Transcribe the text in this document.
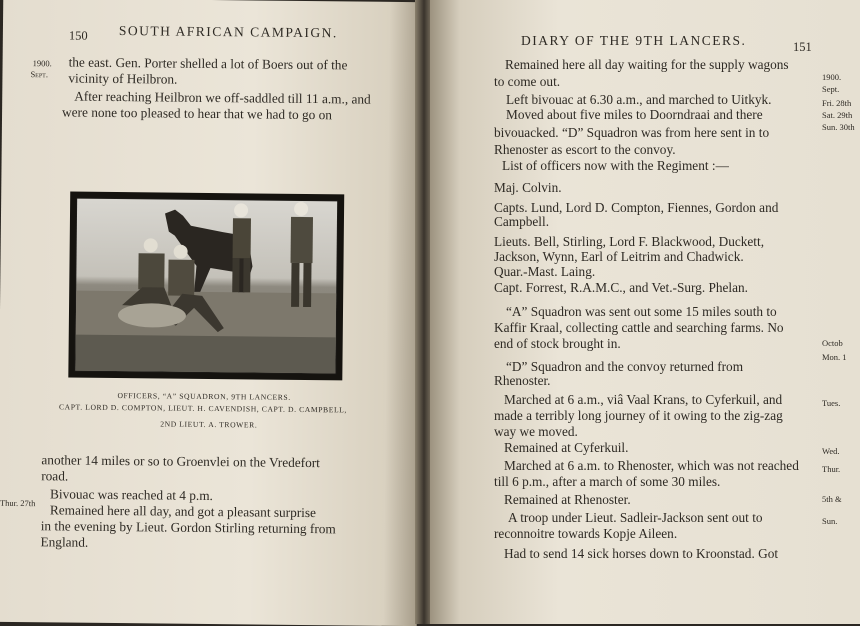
150 SOUTH AFRICAN CAMPAIGN.
1900.
Sept.
the east. Gen. Porter shelled a lot of Boers out of the
vicinity of Heilbron.
After reaching Heilbron we off-saddled till 11 a.m., and
were none too pleased to hear that we had to go on
OFFICERS, “A” SQUADRON, 9TH LANCERS.
CAPT. LORD D. COMPTON, LIEUT. H. CAVENDISH, CAPT. D. CAMPBELL,
2ND LIEUT. A. TROWER.
another 14 miles or so to Groenvlei on the Vredefort
road.
Bivouac was reached at 4 p.m.
Thur. 27th Remained here all day, and got a pleasant surprise
in the evening by Lieut. Gordon Stirling returning from
England.
DIARY OF THE 9TH LANCERS.	151
Remained here all day waiting for the supply wagons
to come out.
Left bivouac at 6.30 a.m., and marched to Uitkyk.
Moved about five miles to Doorndraai and there
bivouacked. “D” Squadron was from here sent in to
Rhenoster as escort to the convoy.
List of officers now with the Regiment :—
Maj. Colvin.
Capts. Lund, Lord D. Compton, Fiennes, Gordon and
Campbell.
Lieuts. Bell, Stirling, Lord F. Blackwood, Duckett,
Jackson, Wynn, Earl of Leitrim and Chadwick.
Quar.-Mast. Laing.
Capt. Forrest, R.A.M.C., and Vet.-Surg. Phelan.
“A” Squadron was sent out some 15 miles south to
Kaffir Kraal, collecting cattle and searching farms. No
end of stock brought in.
“D” Squadron and the convoy returned from
Rhenoster.
Marched at 6 a.m., viâ Vaal Krans, to Cyferkuil, and
made a terribly long journey of it owing to the zig-zag
way we moved.
Remained at Cyferkuil.
Marched at 6 a.m. to Rhenoster, which was not reached
till 6 p.m., after a march of some 30 miles.
Remained at Rhenoster.
A troop under Lieut. Sadleir-Jackson sent out to
reconnoitre towards Kopje Aileen.
Had to send 14 sick horses down to Kroonstad. Got
1900.
Sept.
Fri. 28th
Sat. 29th
Sun. 30th
Octob
Mon. 1
Tues.
Wed.
Thur.
5th &
Sun.
